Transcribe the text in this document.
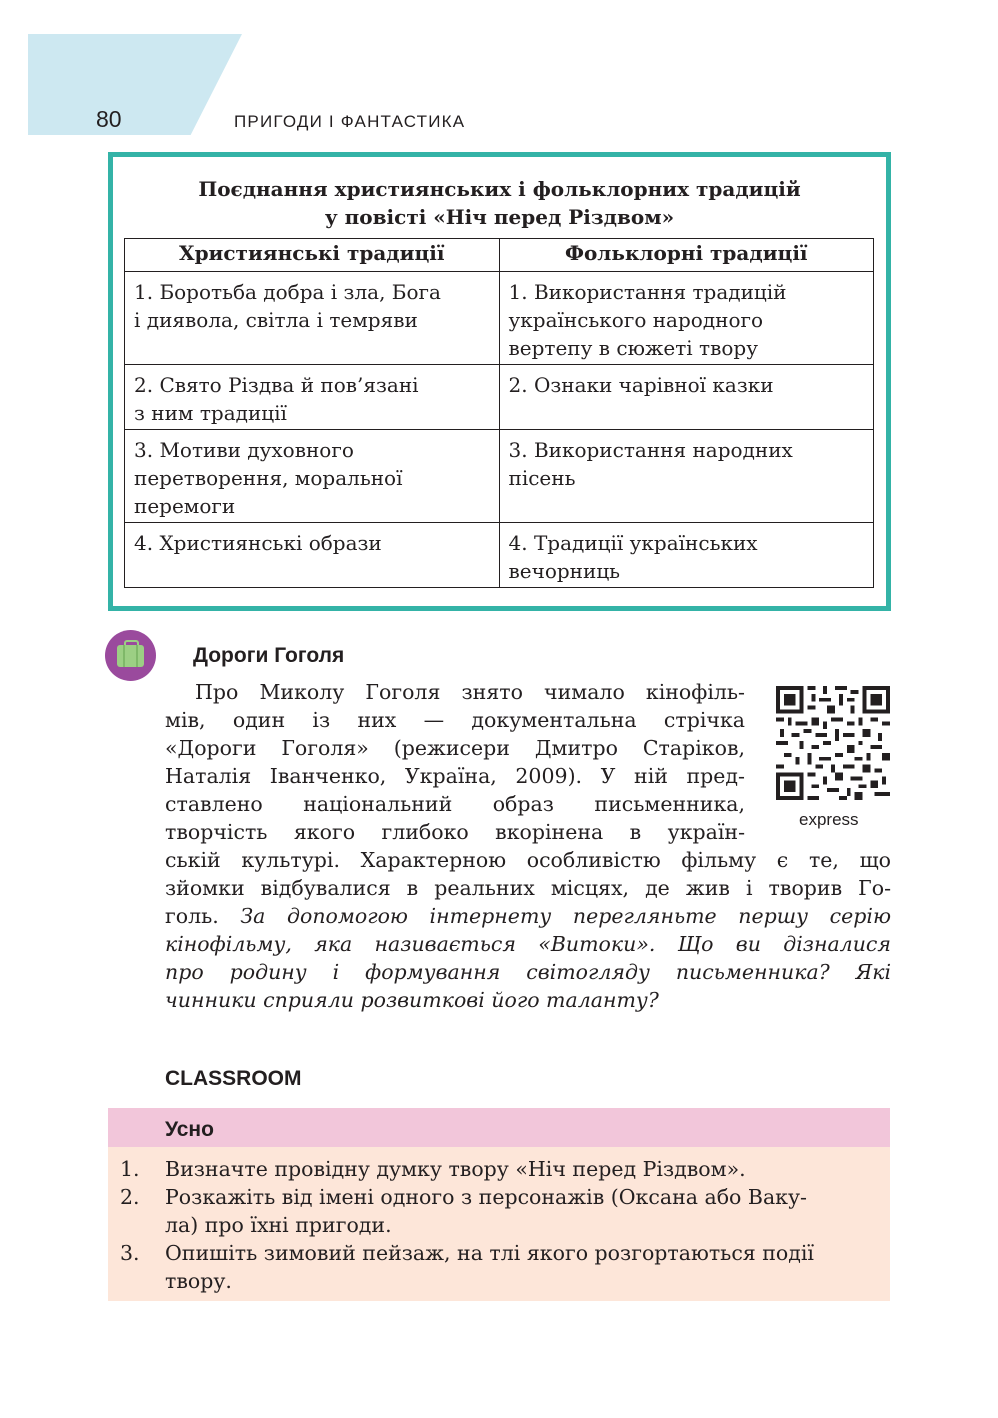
80	ПРИГОДИ І ФАНТАСТИКА
Поєднання християнських і фольклорних традицій
у повісті «Ніч перед Різдвом»
Християнські традиції	Фольклорні традиції

1. Боротьба добра і зла, Бога
і диявола, світла і темряви	1. Використання традицій
українського народного
вертепу в сюжеті твору

2. Свято Різдва й пов’язані
з ним традиції	2. Ознаки чарівної казки

3. Мотиви духовного
перетворення, моральної
перемоги	3. Використання народних
пісень

4. Християнські образи	4. Традиції українських
вечорниць
Дороги Гоголя
express
Про Миколу Гоголя знято чимало кінофіль-
мів, один із них — документальна стрічка
«Дороги Гоголя» (режисери Дмитро Старіков,
Наталія Іванченко, Україна, 2009). У ній пред-
ставлено національний образ письменника,
творчість якого глибоко вкорінена в україн-
ській культурі. Характерною особливістю фільму є те, що
зйомки відбувалися в реальних місцях, де жив і творив Го-
голь. За допомогою інтернету перегляньте першу серію
кінофільму, яка називається «Витоки». Що ви дізналися
про родину і формування світогляду письменника? Які
чинники сприяли розвиткові його таланту?
CLASSROOM
Усно
1.	Визначте провідну думку твору «Ніч перед Різдвом».
2.	Розкажіть від імені одного з персонажів (Оксана або Ваку-
ла) про їхні пригоди.
3.	Опишіть зимовий пейзаж, на тлі якого розгортаються події
твору.
